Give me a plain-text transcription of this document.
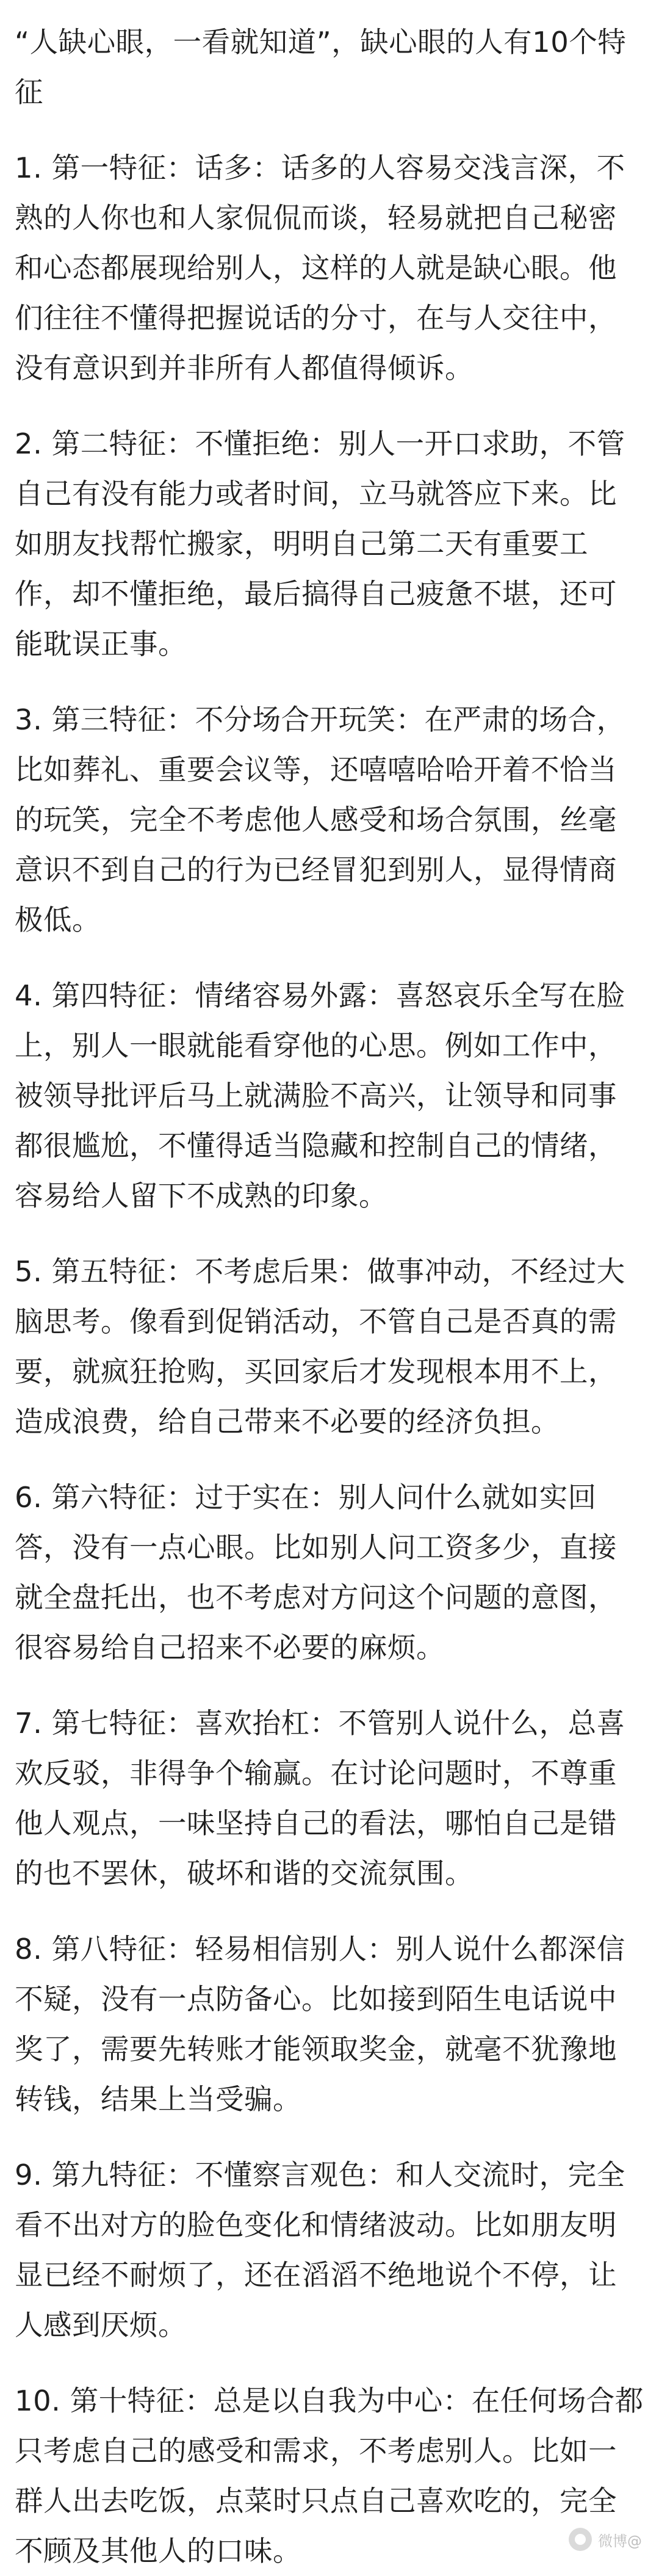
“人缺心眼，一看就知道”，缺心眼的人有10个特征

1. 第一特征：话多：话多的人容易交浅言深，不熟的人你也和人家侃侃而谈，轻易就把自己秘密和心态都展现给别人，这样的人就是缺心眼。他们往往不懂得把握说话的分寸，在与人交往中，没有意识到并非所有人都值得倾诉。

2. 第二特征：不懂拒绝：别人一开口求助，不管自己有没有能力或者时间，立马就答应下来。比如朋友找帮忙搬家，明明自己第二天有重要工作，却不懂拒绝，最后搞得自己疲惫不堪，还可能耽误正事。

3. 第三特征：不分场合开玩笑：在严肃的场合，比如葬礼、重要会议等，还嘻嘻哈哈开着不恰当的玩笑，完全不考虑他人感受和场合氛围，丝毫意识不到自己的行为已经冒犯到别人，显得情商极低。

4. 第四特征：情绪容易外露：喜怒哀乐全写在脸上，别人一眼就能看穿他的心思。例如工作中，被领导批评后马上就满脸不高兴，让领导和同事都很尴尬，不懂得适当隐藏和控制自己的情绪，容易给人留下不成熟的印象。

5. 第五特征：不考虑后果：做事冲动，不经过大脑思考。像看到促销活动，不管自己是否真的需要，就疯狂抢购，买回家后才发现根本用不上，造成浪费，给自己带来不必要的经济负担。

6. 第六特征：过于实在：别人问什么就如实回答，没有一点心眼。比如别人问工资多少，直接就全盘托出，也不考虑对方问这个问题的意图，很容易给自己招来不必要的麻烦。

7. 第七特征：喜欢抬杠：不管别人说什么，总喜欢反驳，非得争个输赢。在讨论问题时，不尊重他人观点，一味坚持自己的看法，哪怕自己是错的也不罢休，破坏和谐的交流氛围。

8. 第八特征：轻易相信别人：别人说什么都深信不疑，没有一点防备心。比如接到陌生电话说中奖了，需要先转账才能领取奖金，就毫不犹豫地转钱，结果上当受骗。

9. 第九特征：不懂察言观色：和人交流时，完全看不出对方的脸色变化和情绪波动。比如朋友明显已经不耐烦了，还在滔滔不绝地说个不停，让人感到厌烦。

10. 第十特征：总是以自我为中心：在任何场合都只考虑自己的感受和需求，不考虑别人。比如一群人出去吃饭，点菜时只点自己喜欢吃的，完全不顾及其他人的口味。	微博@
